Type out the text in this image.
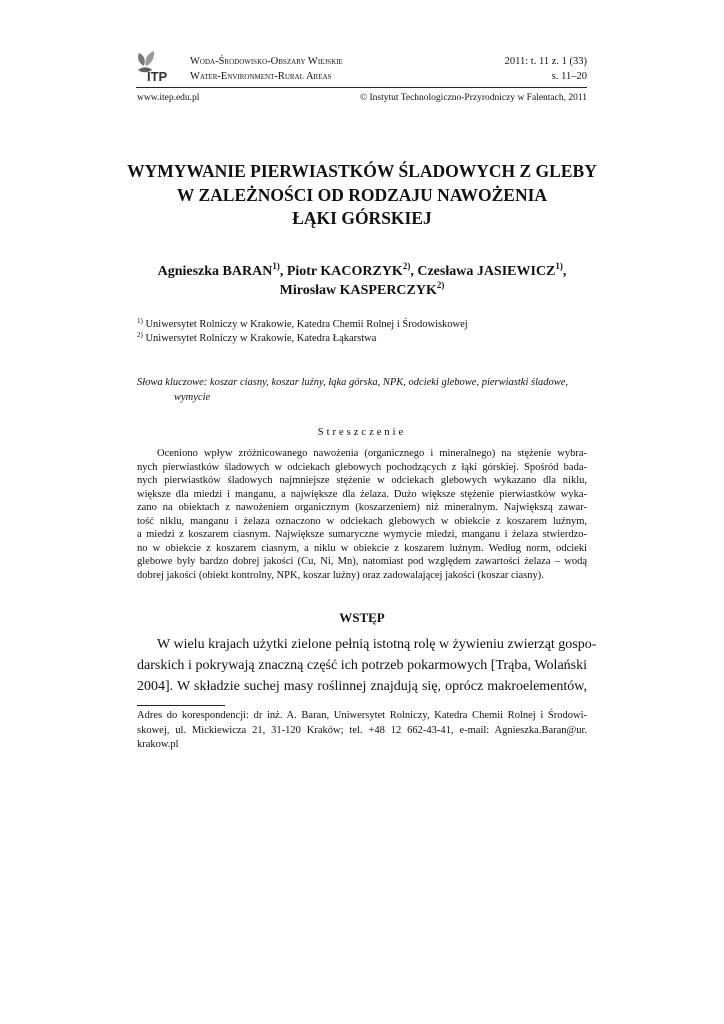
ITP
Woda-Środowisko-Obszary Wiejskie
Water-Environment-Rural Areas
2011: t. 11 z. 1 (33)
s. 11–20
www.itep.edu.pl	© Instytut Technologiczno-Przyrodniczy w Falentach, 2011
WYMYWANIE PIERWIASTKÓW ŚLADOWYCH Z GLEBY
W ZALEŻNOŚCI OD RODZAJU NAWOŻENIA
ŁĄKI GÓRSKIEJ
Agnieszka BARAN$^{1)}$, Piotr KACORZYK$^{2)}$, Czesława JASIEWICZ$^{1)}$,
Mirosław KASPERCZYK$^{2)}$
$^{1)}$ Uniwersytet Rolniczy w Krakowie, Katedra Chemii Rolnej i Środowiskowej
$^{2)}$ Uniwersytet Rolniczy w Krakowie, Katedra Łąkarstwa
Słowa kluczowe: koszar ciasny, koszar luźny, łąka górska, NPK, odcieki glebowe, pierwiastki śladowe,
wymycie
Streszczenie
Oceniono wpływ zróżnicowanego nawożenia (organicznego i mineralnego) na stężenie wybra-
nych pierwiastków śladowych w odciekach glebowych pochodzących z łąki górskiej. Spośród bada-
nych pierwiastków śladowych najmniejsze stężenie w odciekach glebowych wykazano dla niklu,
większe dla miedzi i manganu, a największe dla żelaza. Dużo większe stężenie pierwiastków wyka-
zano na obiektach z nawożeniem organicznym (koszarzeniem) niż mineralnym. Największą zawar-
tość niklu, manganu i żelaza oznaczono w odciekach glebowych w obiekcie z koszarem luźnym,
a miedzi z koszarem ciasnym. Największe sumaryczne wymycie miedzi, manganu i żelaza stwierdzo-
no w obiekcie z koszarem ciasnym, a niklu w obiekcie z koszarem luźnym. Według norm, odcieki
glebowe były bardzo dobrej jakości (Cu, Ni, Mn), natomiast pod względem zawartości żelaza – wodą
dobrej jakości (obiekt kontrolny, NPK, koszar luźny) oraz zadowalającej jakości (koszar ciasny).
WSTĘP
W wielu krajach użytki zielone pełnią istotną rolę w żywieniu zwierząt gospo-
darskich i pokrywają znaczną część ich potrzeb pokarmowych [Trąba, Wolański
2004]. W składzie suchej masy roślinnej znajdują się, oprócz makroelementów,
Adres do korespondencji: dr inż. A. Baran, Uniwersytet Rolniczy, Katedra Chemii Rolnej i Środowi-
skowej, ul. Mickiewicza 21, 31-120 Kraków; tel. +48 12 662-43-41, e-mail: Agnieszka.Baran@ur.
krakow.pl
